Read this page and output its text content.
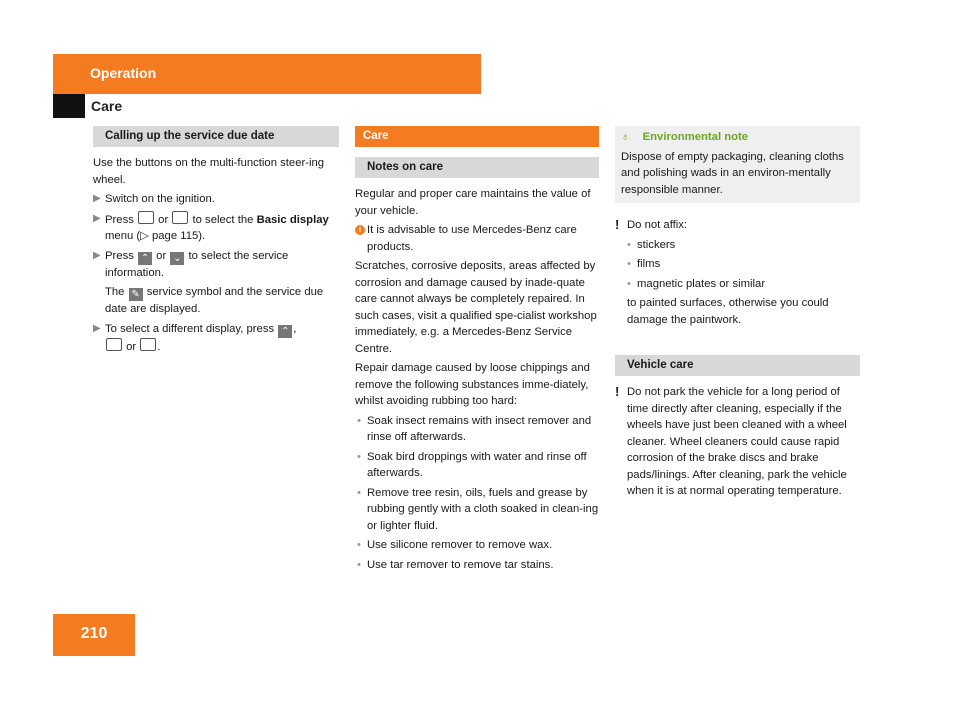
Operation
Care
Calling up the service due date

Use the buttons on the multi-function steer-ing wheel.

▶ Switch on the ignition.
▶ Press or to select the Basic display menu (▷ page 115).
▶ Press ⌃ or ⌄ to select the service information.

The ✎ service symbol and the service due date are displayed.

▶ To select a different display, press ⌃ ,
or .
Care
Notes on care

Regular and proper care maintains the value of your vehicle.

i It is advisable to use Mercedes-Benz care products.

Scratches, corrosive deposits, areas affected by corrosion and damage caused by inade-quate care cannot always be completely repaired. In such cases, visit a qualified spe-cialist workshop immediately, e.g. a Mercedes-Benz Service Centre.

Repair damage caused by loose chippings and remove the following substances imme-diately, whilst avoiding rubbing too hard:

• Soak insect remains with insect remover and rinse off afterwards.
• Soak bird droppings with water and rinse off afterwards.
• Remove tree resin, oils, fuels and grease by rubbing gently with a cloth soaked in clean-ing or lighter fluid.
• Use silicone remover to remove wax.
• Use tar remover to remove tar stains.
♁ Environmental note
Dispose of empty packaging, cleaning cloths and polishing wads in an environ-mentally responsible manner.
! Do not affix:
• stickers
• films
• magnetic plates or similar

to painted surfaces, otherwise you could damage the paintwork.

Vehicle care
! Do not park the vehicle for a long period of time directly after cleaning, especially if the wheels have just been cleaned with a wheel cleaner. Wheel cleaners could cause rapid corrosion of the brake discs and brake pads/linings. After cleaning, park the vehicle when it is at normal operating temperature.
210
